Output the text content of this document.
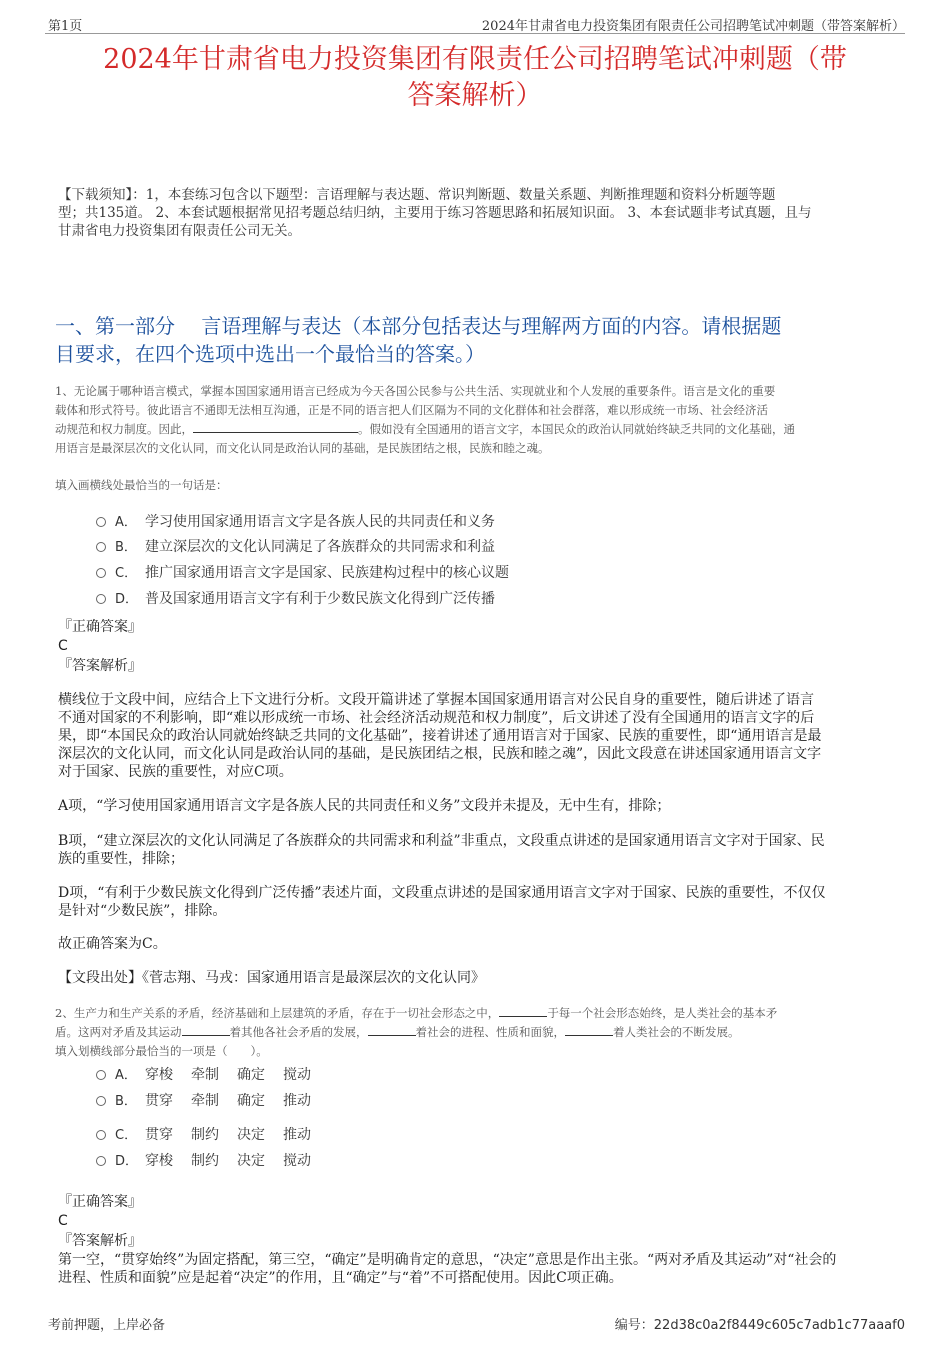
第1页	2024年甘肃省电力投资集团有限责任公司招聘笔试冲刺题（带答案解析）
2024年甘肃省电力投资集团有限责任公司招聘笔试冲刺题（带
答案解析）
【下载须知】：1，本套练习包含以下题型：言语理解与表达题、常识判断题、数量关系题、判断推理题和资料分析题等题
型；共135道。 2、本套试题根据常见招考题总结归纳，主要用于练习答题思路和拓展知识面。 3、本套试题非考试真题，且与
甘肃省电力投资集团有限责任公司无关。
一、第一部分　 言语理解与表达（本部分包括表达与理解两方面的内容。请根据题
目要求，在四个选项中选出一个最恰当的答案。）
1、无论属于哪种语言模式，掌握本国国家通用语言已经成为今天各国公民参与公共生活、实现就业和个人发展的重要条件。语言是文化的重要
载体和形式符号。彼此语言不通即无法相互沟通，正是不同的语言把人们区隔为不同的文化群体和社会群落，难以形成统一市场、社会经济活
动规范和权力制度。因此，	。假如没有全国通用的语言文字，本国民众的政治认同就始终缺乏共同的文化基础，通
用语言是最深层次的文化认同，而文化认同是政治认同的基础，是民族团结之根，民族和睦之魂。
填入画横线处最恰当的一句话是：
A． 学习使用国家通用语言文字是各族人民的共同责任和义务
B． 建立深层次的文化认同满足了各族群众的共同需求和利益
C． 推广国家通用语言文字是国家、民族建构过程中的核心议题
D． 普及国家通用语言文字有利于少数民族文化得到广泛传播
『正确答案』
C
『答案解析』
横线位于文段中间，应结合上下文进行分析。文段开篇讲述了掌握本国国家通用语言对公民自身的重要性，随后讲述了语言
不通对国家的不利影响，即“难以形成统一市场、社会经济活动规范和权力制度”，后文讲述了没有全国通用的语言文字的后
果，即“本国民众的政治认同就始终缺乏共同的文化基础”，接着讲述了通用语言对于国家、民族的重要性，即“通用语言是最
深层次的文化认同，而文化认同是政治认同的基础，是民族团结之根，民族和睦之魂”，因此文段意在讲述国家通用语言文字
对于国家、民族的重要性，对应C项。
A项，“学习使用国家通用语言文字是各族人民的共同责任和义务”文段并未提及，无中生有，排除；
B项，“建立深层次的文化认同满足了各族群众的共同需求和利益”非重点，文段重点讲述的是国家通用语言文字对于国家、民
族的重要性，排除；
D项，“有利于少数民族文化得到广泛传播”表述片面，文段重点讲述的是国家通用语言文字对于国家、民族的重要性，不仅仅
是针对“少数民族”，排除。
故正确答案为C。
【文段出处】《菅志翔、马戎：国家通用语言是最深层次的文化认同》
2、生产力和生产关系的矛盾，经济基础和上层建筑的矛盾，存在于一切社会形态之中，	于每一个社会形态始终，是人类社会的基本矛
盾。这两对矛盾及其运动	着其他各社会矛盾的发展，	着社会的进程、性质和面貌，	着人类社会的不断发展。
填入划横线部分最恰当的一项是（　　）。
A． 穿梭 牵制 确定 搅动
B． 贯穿 牵制 确定 推动
C． 贯穿 制约 决定 推动
D． 穿梭 制约 决定 搅动
『正确答案』
C
『答案解析』
第一空，“贯穿始终”为固定搭配，第三空，“确定”是明确肯定的意思，“决定”意思是作出主张。“两对矛盾及其运动”对“社会的
进程、性质和面貌”应是起着“决定”的作用，且“确定”与“着”不可搭配使用。因此C项正确。
考前押题，上岸必备	编号：22d38c0a2f8449c605c7adb1c77aaaf0
